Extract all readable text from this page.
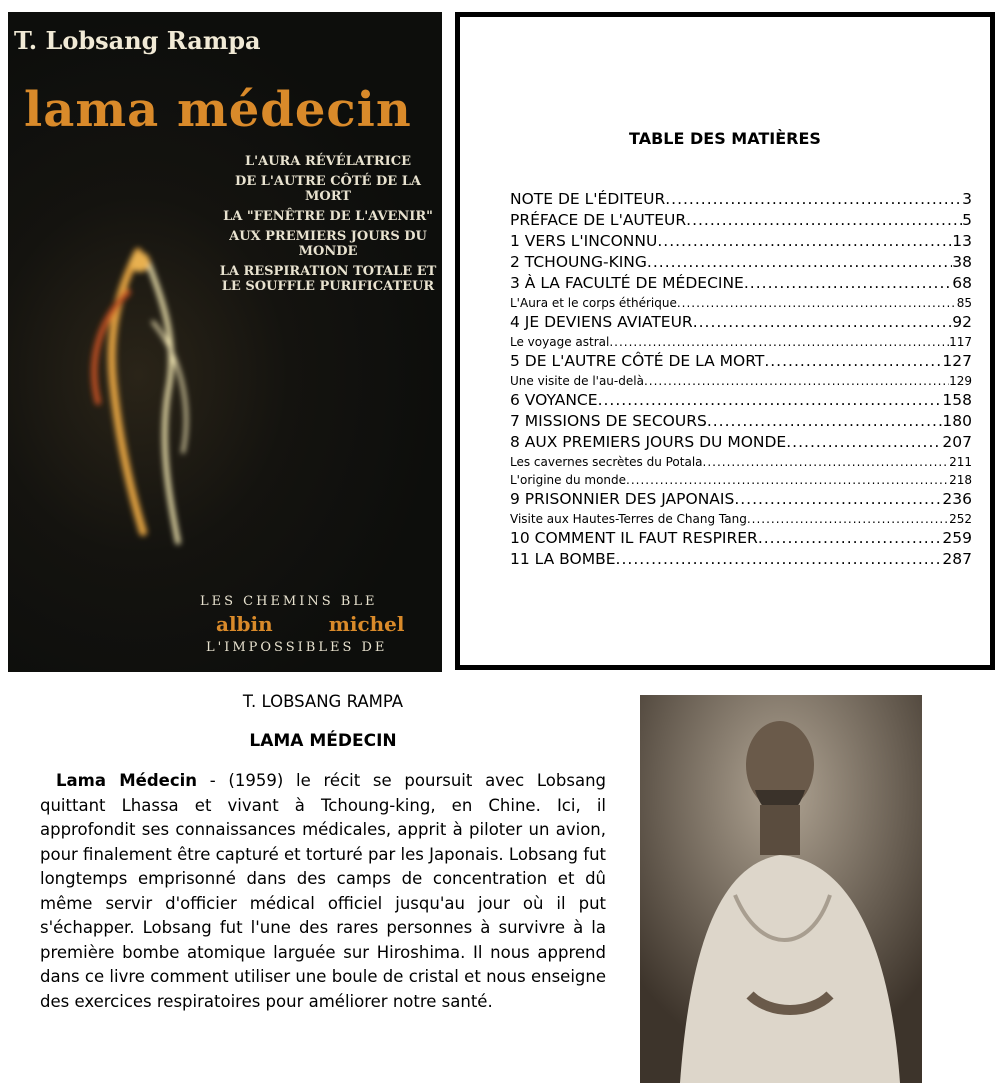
T. Lobsang Rampa
lama médecin
L'AURA RÉVÉLATRICE
DE L'AUTRE CÔTÉ DE LA MORT
LA "FENÊTRE DE L'AVENIR"
AUX PREMIERS JOURS DU MONDE
LA RESPIRATION TOTALE ET LE SOUFFLE PURIFICATEUR
LES CHEMINS BLE
albin	michel
L'IMPOSSIBLES DE
TABLE DES MATIÈRES
NOTE DE L'ÉDITEUR .....	3
PRÉFACE DE L'AUTEUR .....	5
1 VERS L'INCONNU .....	13
2 TCHOUNG-KING .....	38
3 À LA FACULTÉ DE MÉDECINE .....	68
L'Aura et le corps éthérique .....	85
4 JE DEVIENS AVIATEUR .....	92
Le voyage astral .....	117
5 DE L'AUTRE CÔTÉ DE LA MORT .....	127
Une visite de l'au-delà .....	129
6 VOYANCE .....	158
7 MISSIONS DE SECOURS .....	180
8 AUX PREMIERS JOURS DU MONDE .....	207
Les cavernes secrètes du Potala .....	211
L'origine du monde .....	218
9 PRISONNIER DES JAPONAIS .....	236
Visite aux Hautes-Terres de Chang Tang .....	252
10 COMMENT IL FAUT RESPIRER .....	259
11 LA BOMBE .....	287

T. LOBSANG RAMPA

LAMA MÉDECIN

Lama Médecin - (1959) le récit se poursuit avec Lobsang quittant Lhassa et vivant à Tchoung-king, en Chine. Ici, il approfondit ses connaissances médicales, apprit à piloter un avion, pour finalement être capturé et torturé par les Japonais. Lobsang fut longtemps emprisonné dans des camps de concentration et dû même servir d'officier médical officiel jusqu'au jour où il put s'échapper. Lobsang fut l'une des rares personnes à survivre à la première bombe atomique larguée sur Hiroshima. Il nous apprend dans ce livre comment utiliser une boule de cristal et nous enseigne des exercices respiratoires pour améliorer notre santé.
